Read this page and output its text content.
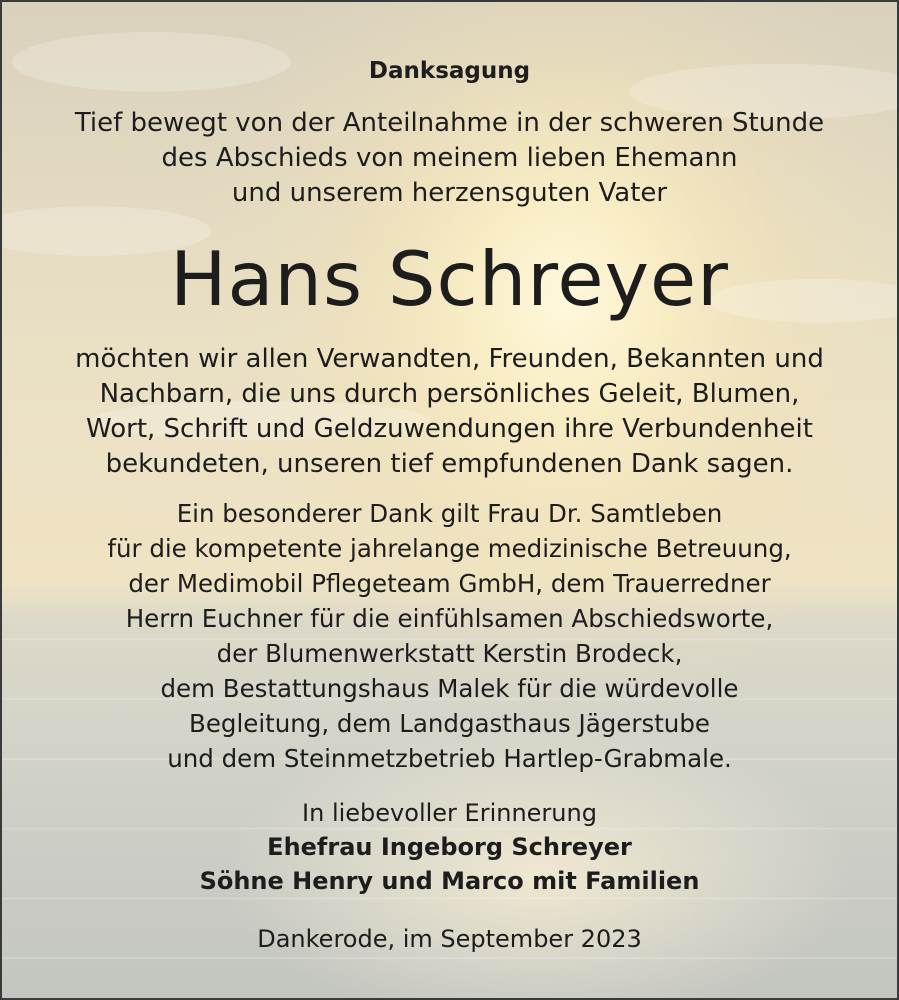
Danksagung
Tief bewegt von der Anteilnahme in der schweren Stunde
des Abschieds von meinem lieben Ehemann
und unserem herzensguten Vater
Hans Schreyer
möchten wir allen Verwandten, Freunden, Bekannten und
Nachbarn, die uns durch persönliches Geleit, Blumen,
Wort, Schrift und Geldzuwendungen ihre Verbundenheit
bekundeten, unseren tief empfundenen Dank sagen.
Ein besonderer Dank gilt Frau Dr. Samtleben
für die kompetente jahrelange medizinische Betreuung,
der Medimobil Pflegeteam GmbH, dem Trauerredner
Herrn Euchner für die einfühlsamen Abschiedsworte,
der Blumenwerkstatt Kerstin Brodeck,
dem Bestattungshaus Malek für die würdevolle
Begleitung, dem Landgasthaus Jägerstube
und dem Steinmetzbetrieb Hartlep-Grabmale.
In liebevoller Erinnerung
Ehefrau Ingeborg Schreyer
Söhne Henry und Marco mit Familien
Dankerode, im September 2023
